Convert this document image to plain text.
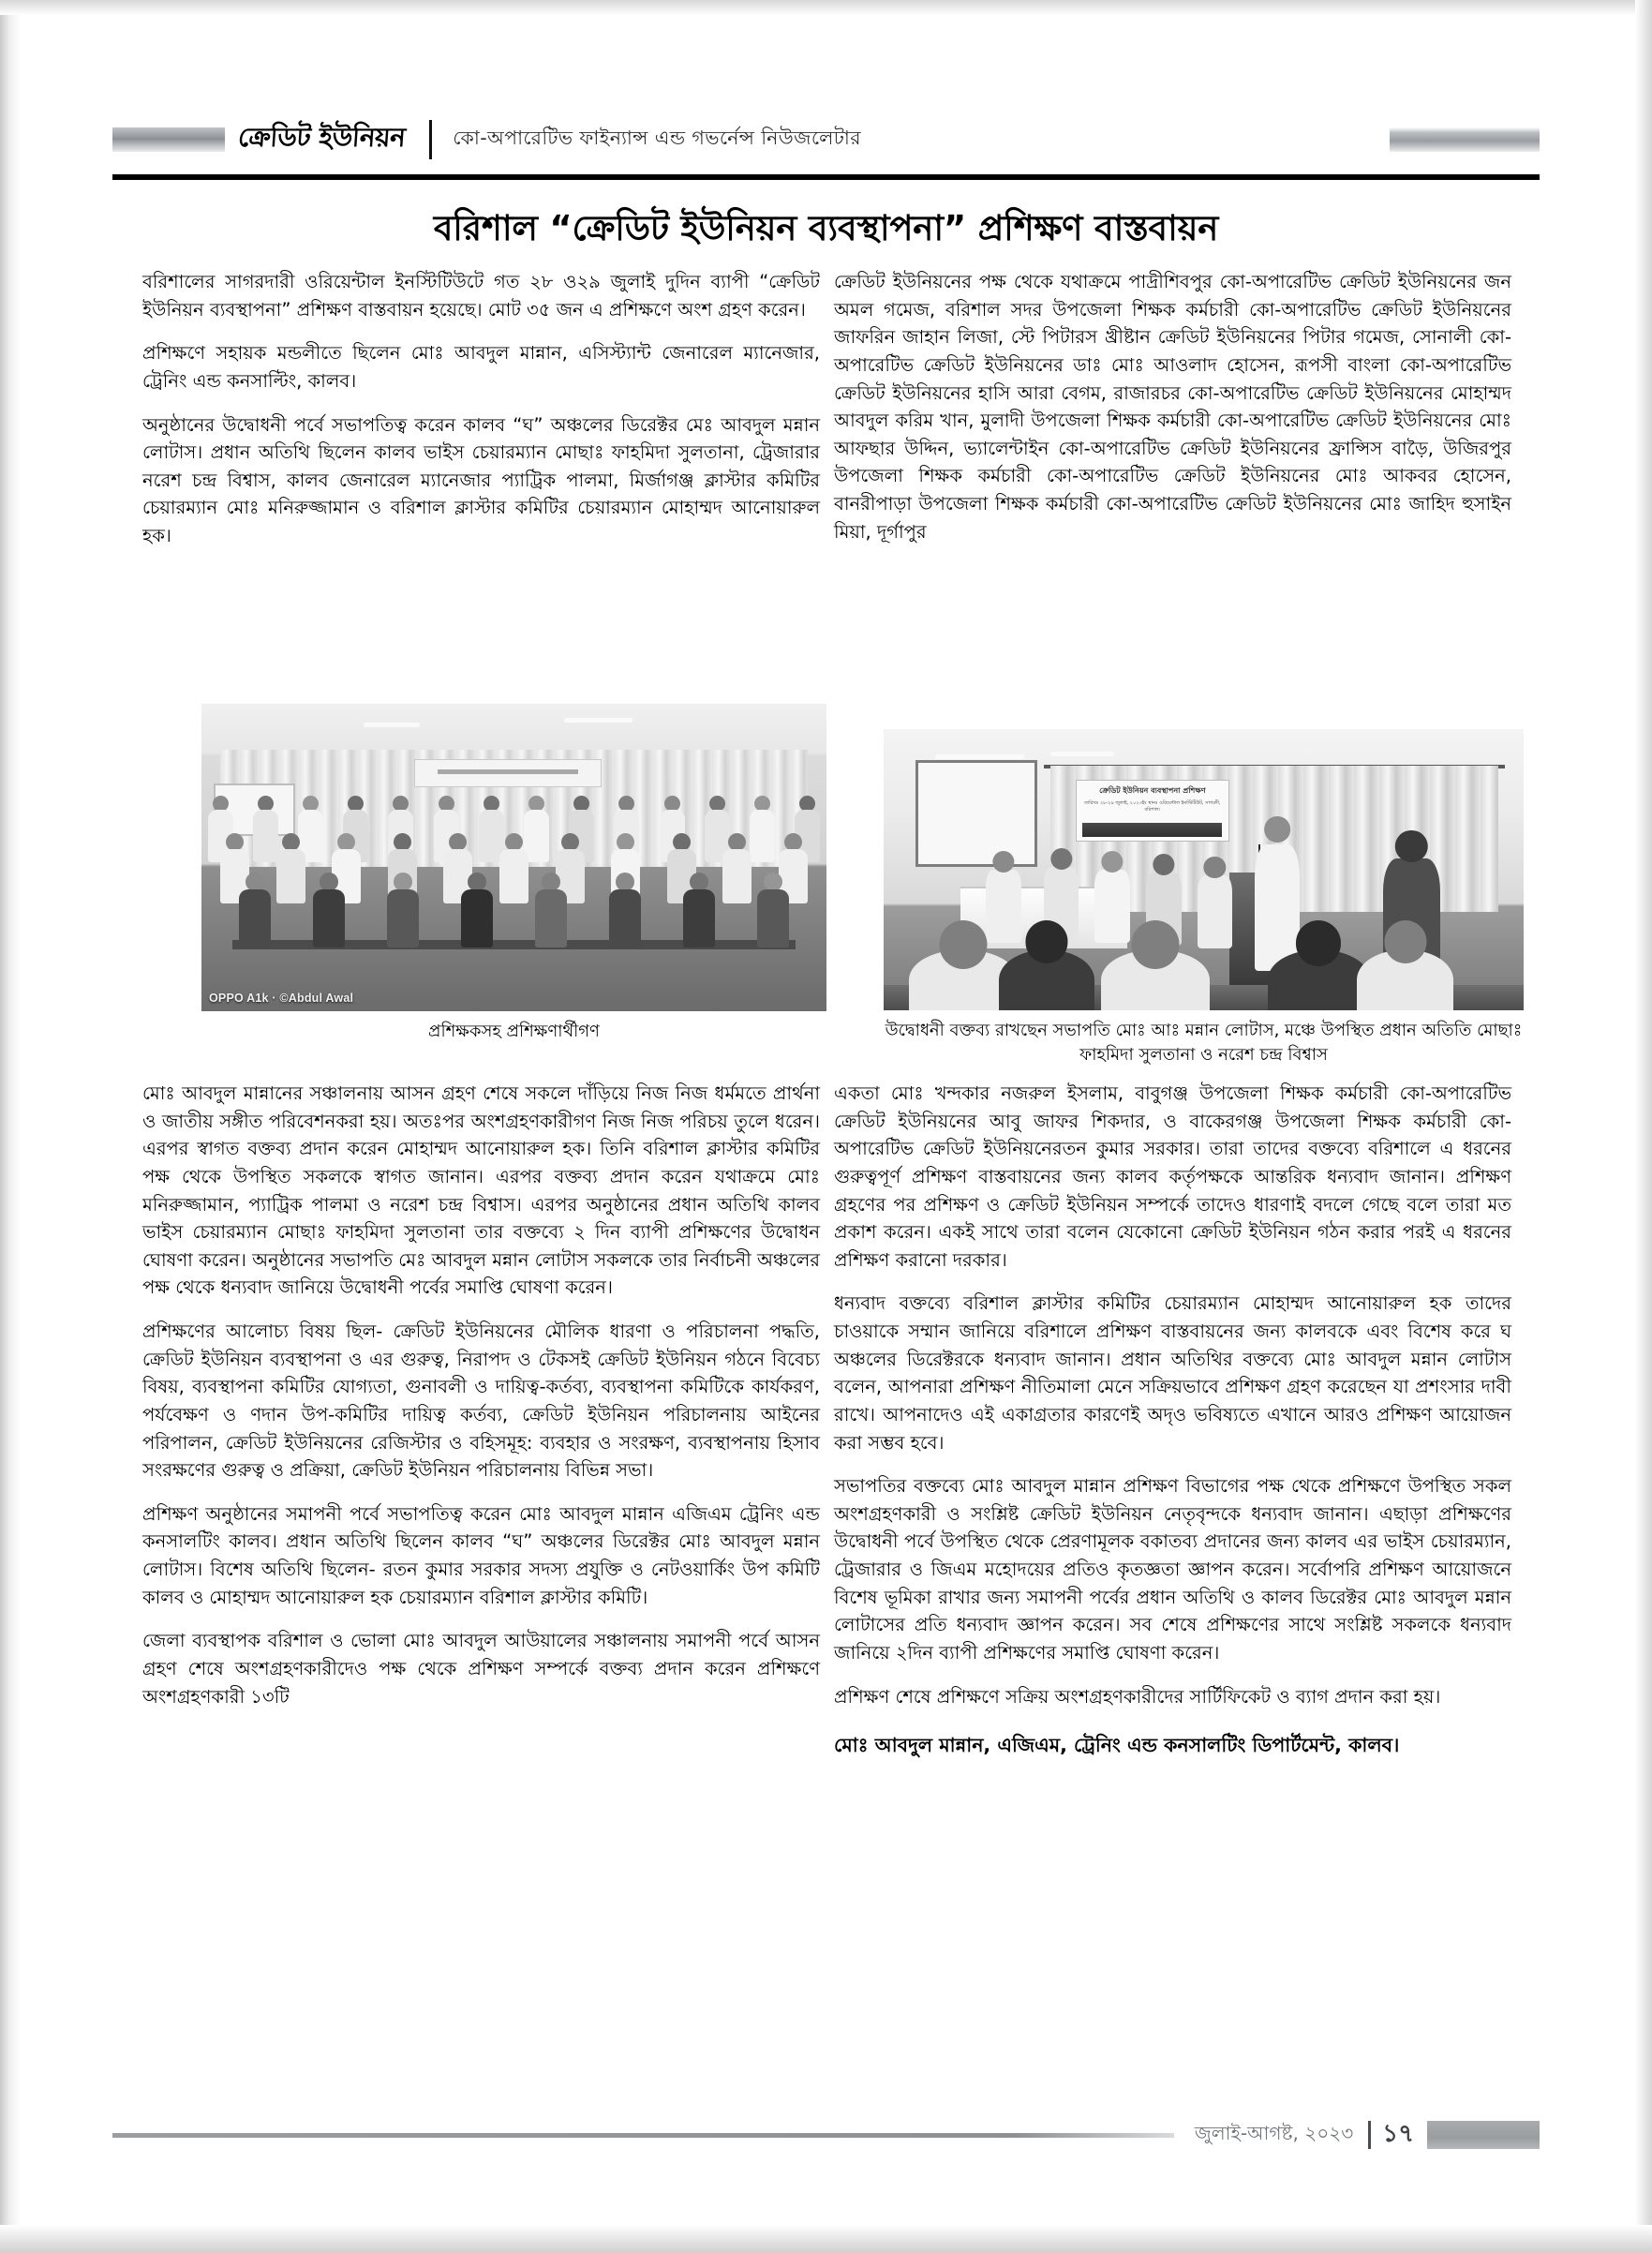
ক্রেডিট ইউনিয়ন কো-অপারেটিভ ফাইন্যান্স এন্ড গভর্নেন্স নিউজলেটার
বরিশাল “ক্রেডিট ইউনিয়ন ব্যবস্থাপনা” প্রশিক্ষণ বাস্তবায়ন

বরিশালের সাগরদারী ওরিয়েন্টাল ইনস্টিটিউটে গত ২৮ ও২৯ জুলাই দুদিন ব্যাপী “ক্রেডিট ইউনিয়ন ব্যবস্থাপনা” প্রশিক্ষণ বাস্তবায়ন হয়েছে। মোট ৩৫ জন এ প্রশিক্ষণে অংশ গ্রহণ করেন।

প্রশিক্ষণে সহায়ক মন্ডলীতে ছিলেন মোঃ আবদুল মান্নান, এসিস্ট্যান্ট জেনারেল ম্যানেজার, ট্রেনিং এন্ড কনসাল্টিং, কালব।

অনুষ্ঠানের উদ্বোধনী পর্বে সভাপতিত্ব করেন কালব “ঘ” অঞ্চলের ডিরেক্টর মেঃ আবদুল মন্নান লোটাস। প্রধান অতিথি ছিলেন কালব ভাইস চেয়ারম্যান মোছাঃ ফাহমিদা সুলতানা, ট্রেজারার নরেশ চন্দ্র বিশ্বাস, কালব জেনারেল ম্যানেজার প্যাট্রিক পালমা, মির্জাগঞ্জ ক্লাস্টার কমিটির চেয়ারম্যান মোঃ মনিরুজ্জামান ও বরিশাল ক্লাস্টার কমিটির চেয়ারম্যান মোহাম্মদ আনোয়ারুল হক।

মোঃ আবদুল মান্নানের সঞ্চালনায় আসন গ্রহণ শেষে সকলে দাঁড়িয়ে নিজ নিজ ধর্মমতে প্রার্থনা ও জাতীয় সঙ্গীত পরিবেশনকরা হয়। অতঃপর অংশগ্রহণকারীগণ নিজ নিজ পরিচয় তুলে ধরেন। এরপর স্বাগত বক্তব্য প্রদান করেন মোহাম্মদ আনোয়ারুল হক। তিনি বরিশাল ক্লাস্টার কমিটির পক্ষ থেকে উপস্থিত সকলকে স্বাগত জানান। এরপর বক্তব্য প্রদান করেন যথাক্রমে মোঃ মনিরুজ্জামান, প্যাট্রিক পালমা ও নরেশ চন্দ্র বিশ্বাস। এরপর অনুষ্ঠানের প্রধান অতিথি কালব ভাইস চেয়ারম্যান মোছাঃ ফাহমিদা সুলতানা তার বক্তব্যে ২ দিন ব্যাপী প্রশিক্ষণের উদ্বোধন ঘোষণা করেন। অনুষ্ঠানের সভাপতি মেঃ আবদুল মন্নান লোটাস সকলকে তার নির্বাচনী অঞ্চলের পক্ষ থেকে ধন্যবাদ জানিয়ে উদ্বোধনী পর্বের সমাপ্তি ঘোষণা করেন।

প্রশিক্ষণের আলোচ্য বিষয় ছিল- ক্রেডিট ইউনিয়নের মৌলিক ধারণা ও পরিচালনা পদ্ধতি, ক্রেডিট ইউনিয়ন ব্যবস্থাপনা ও এর গুরুত্ব, নিরাপদ ও টেকসই ক্রেডিট ইউনিয়ন গঠনে বিবেচ্য বিষয়, ব্যবস্থাপনা কমিটির যোগ্যতা, গুনাবলী ও দায়িত্ব-কর্তব্য, ব্যবস্থাপনা কমিটিকে কার্যকরণ, পর্যবেক্ষণ ও ণদান উপ-কমিটির দায়িত্ব কর্তব্য, ক্রেডিট ইউনিয়ন পরিচালনায় আইনের পরিপালন, ক্রেডিট ইউনিয়নের রেজিস্টার ও বহিসমূহ: ব্যবহার ও সংরক্ষণ, ব্যবস্থাপনায় হিসাব সংরক্ষণের গুরুত্ব ও প্রক্রিয়া, ক্রেডিট ইউনিয়ন পরিচালনায় বিভিন্ন সভা।

প্রশিক্ষণ অনুষ্ঠানের সমাপনী পর্বে সভাপতিত্ব করেন মোঃ আবদুল মান্নান এজিএম ট্রেনিং এন্ড কনসালটিং কালব। প্রধান অতিথি ছিলেন কালব “ঘ” অঞ্চলের ডিরেক্টর মোঃ আবদুল মন্নান লোটাস। বিশেষ অতিথি ছিলেন- রতন কুমার সরকার সদস্য প্রযুক্তি ও নেটওয়ার্কিং উপ কমিটি কালব ও মোহাম্মদ আনোয়ারুল হক চেয়ারম্যান বরিশাল ক্লাস্টার কমিটি।

জেলা ব্যবস্থাপক বরিশাল ও ভোলা মোঃ আবদুল আউয়ালের সঞ্চালনায় সমাপনী পর্বে আসন গ্রহণ শেষে অংশগ্রহণকারীদেও পক্ষ থেকে প্রশিক্ষণ সম্পর্কে বক্তব্য প্রদান করেন প্রশিক্ষণে অংশগ্রহণকারী ১৩টি

ক্রেডিট ইউনিয়নের পক্ষ থেকে যথাক্রমে পাদ্রীশিবপুর কো-অপারেটিভ ক্রেডিট ইউনিয়নের জন অমল গমেজ, বরিশাল সদর উপজেলা শিক্ষক কর্মচারী কো-অপারেটিভ ক্রেডিট ইউনিয়নের জাফরিন জাহান লিজা, স্টে পিটারস খ্রীষ্টান ক্রেডিট ইউনিয়নের পিটার গমেজ, সোনালী কো-অপারেটিভ ক্রেডিট ইউনিয়নের ডাঃ মোঃ আওলাদ হোসেন, রূপসী বাংলা কো-অপারেটিভ ক্রেডিট ইউনিয়নের হাসি আরা বেগম, রাজারচর কো-অপারেটিভ ক্রেডিট ইউনিয়নের মোহাম্মদ আবদুল করিম খান, মুলাদী উপজেলা শিক্ষক কর্মচারী কো-অপারেটিভ ক্রেডিট ইউনিয়নের মোঃ আফছার উদ্দিন, ভ্যালেন্টাইন কো-অপারেটিভ ক্রেডিট ইউনিয়নের ফ্রান্সিস বাড়ৈ, উজিরপুর উপজেলা শিক্ষক কর্মচারী কো-অপারেটিভ ক্রেডিট ইউনিয়নের মোঃ আকবর হোসেন, বানরীপাড়া উপজেলা শিক্ষক কর্মচারী কো-অপারেটিভ ক্রেডিট ইউনিয়নের মোঃ জাহিদ হুসাইন মিয়া, দূর্গাপুর

একতা মোঃ খন্দকার নজরুল ইসলাম, বাবুগঞ্জ উপজেলা শিক্ষক কর্মচারী কো-অপারেটিভ ক্রেডিট ইউনিয়নের আবু জাফর শিকদার, ও বাকেরগঞ্জ উপজেলা শিক্ষক কর্মচারী কো-অপারেটিভ ক্রেডিট ইউনিয়নেরতন কুমার সরকার। তারা তাদের বক্তব্যে বরিশালে এ ধরনের গুরুত্বপূর্ণ প্রশিক্ষণ বাস্তবায়নের জন্য কালব কর্তৃপক্ষকে আন্তরিক ধন্যবাদ জানান। প্রশিক্ষণ গ্রহণের পর প্রশিক্ষণ ও ক্রেডিট ইউনিয়ন সম্পর্কে তাদেও ধারণাই বদলে গেছে বলে তারা মত প্রকাশ করেন। একই সাথে তারা বলেন যেকোনো ক্রেডিট ইউনিয়ন গঠন করার পরই এ ধরনের প্রশিক্ষণ করানো দরকার।

ধন্যবাদ বক্তব্যে বরিশাল ক্লাস্টার কমিটির চেয়ারম্যান মোহাম্মদ আনোয়ারুল হক তাদের চাওয়াকে সম্মান জানিয়ে বরিশালে প্রশিক্ষণ বাস্তবায়নের জন্য কালবকে এবং বিশেষ করে ঘ অঞ্চলের ডিরেক্টরকে ধন্যবাদ জানান। প্রধান অতিথির বক্তব্যে মোঃ আবদুল মন্নান লোটাস বলেন, আপনারা প্রশিক্ষণ নীতিমালা মেনে সক্রিয়ভাবে প্রশিক্ষণ গ্রহণ করেছেন যা প্রশংসার দাবী রাখে। আপনাদেও এই একাগ্রতার কারণেই অদৃও ভবিষ্যতে এখানে আরও প্রশিক্ষণ আয়োজন করা সম্ভব হবে।

সভাপতির বক্তব্যে মোঃ আবদুল মান্নান প্রশিক্ষণ বিভাগের পক্ষ থেকে প্রশিক্ষণে উপস্থিত সকল অংশগ্রহণকারী ও সংশ্লিষ্ট ক্রেডিট ইউনিয়ন নেতৃবৃন্দকে ধন্যবাদ জানান। এছাড়া প্রশিক্ষণের উদ্বোধনী পর্বে উপস্থিত থেকে প্রেরণামূলক বকাতব্য প্রদানের জন্য কালব এর ভাইস চেয়ারম্যান, ট্রেজারার ও জিএম মহোদয়ের প্রতিও কৃতজ্ঞতা জ্ঞাপন করেন। সর্বোপরি প্রশিক্ষণ আয়োজনে বিশেষ ভূমিকা রাখার জন্য সমাপনী পর্বের প্রধান অতিথি ও কালব ডিরেক্টর মোঃ আবদুল মন্নান লোটাসের প্রতি ধন্যবাদ জ্ঞাপন করেন। সব শেষে প্রশিক্ষণের সাথে সংশ্লিষ্ট সকলকে ধন্যবাদ জানিয়ে ২দিন ব্যাপী প্রশিক্ষণের সমাপ্তি ঘোষণা করেন।

প্রশিক্ষণ শেষে প্রশিক্ষণে সক্রিয় অংশগ্রহণকারীদের সার্টিফিকেট ও ব্যাগ প্রদান করা হয়।

মোঃ আবদুল মান্নান, এজিএম, ট্রেনিং এন্ড কনসালটিং ডিপার্টমেন্ট, কালব।

OPPO A1k · ©Abdul Awal
প্রশিক্ষকসহ প্রশিক্ষণার্থীগণ
ক্রেডিট ইউনিয়ন ব্যবস্থাপনা প্রশিক্ষণ
তারিখঃ ২৮-২৯ জুলাই, ২০২৩ইং স্থানঃ ওরিয়েন্টাল ইনস্টিটিউট, সাগরদী, বরিশাল।
উদ্বোধনী বক্তব্য রাখছেন সভাপতি মোঃ আঃ মন্নান লোটাস, মঞ্চে উপস্থিত প্রধান অতিতি মোছাঃ ফাহমিদা সুলতানা ও নরেশ চন্দ্র বিশ্বাস
জুলাই-আগষ্ট, ২০২৩	১৭
